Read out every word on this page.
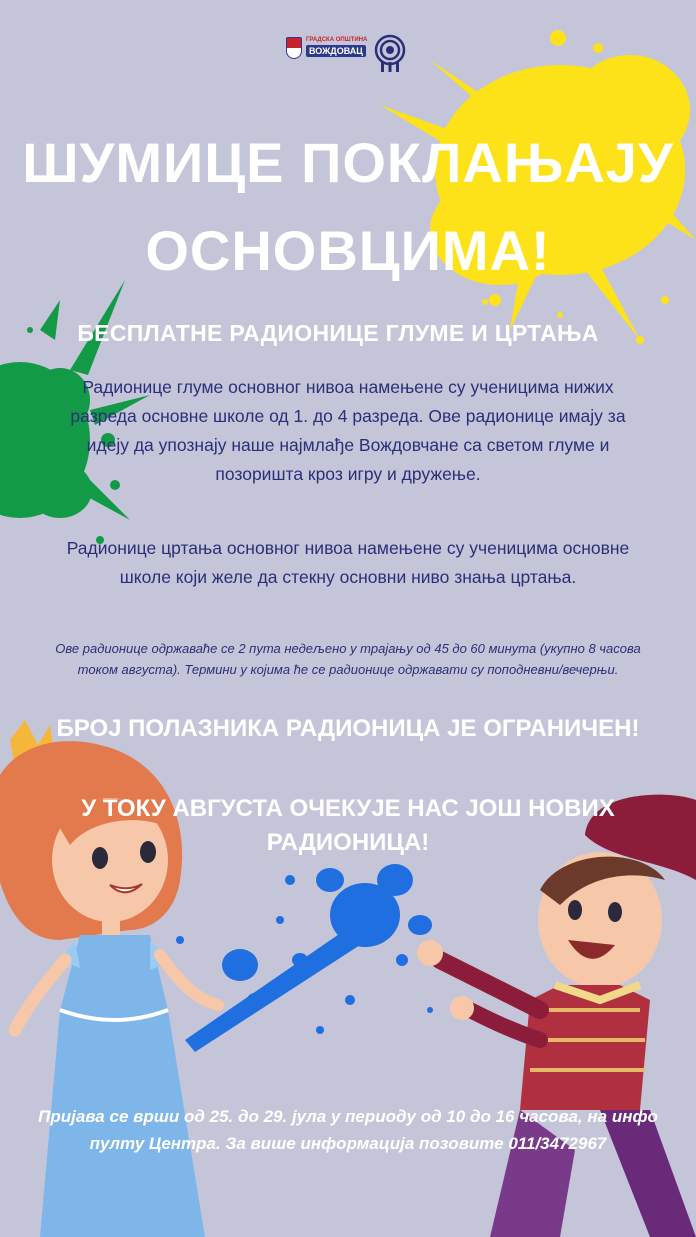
ГРАДСКА ОПШТИНА
ВОЖДОВАЦ
ШУМИЦЕ ПОКЛАЊАЈУ
ОСНОВЦИМА!
БЕСПЛАТНЕ РАДИОНИЦЕ ГЛУМЕ И ЦРТАЊА

Радионице глуме основног нивоа намењене су ученицима нижих разреда основне школе од 1. до 4 разреда. Ове радионице имају за идеју да упознају наше најмлађе Вождовчане са светом глуме и позоришта кроз игру и дружење.

Радионице цртања основног нивоа намењене су ученицима основне школе који желе да стекну основни ниво знања цртања.

Ове радионице одржаваће се 2 пута недељено у трајању од 45 до 60 минута (укупно 8 часова током августа). Термини у којима ће се радионице одржавати су поподневни/вечерњи.

БРОЈ ПОЛАЗНИКА РАДИОНИЦА ЈЕ ОГРАНИЧЕН!

У ТОКУ АВГУСТА ОЧЕКУЈЕ НАС ЈОШ НОВИХ РАДИОНИЦА!

Пријава се врши од 25. до 29. јула у периоду од 10 до 16 часова, на инфо пулту Центра. За више информација позовите 011/3472967
